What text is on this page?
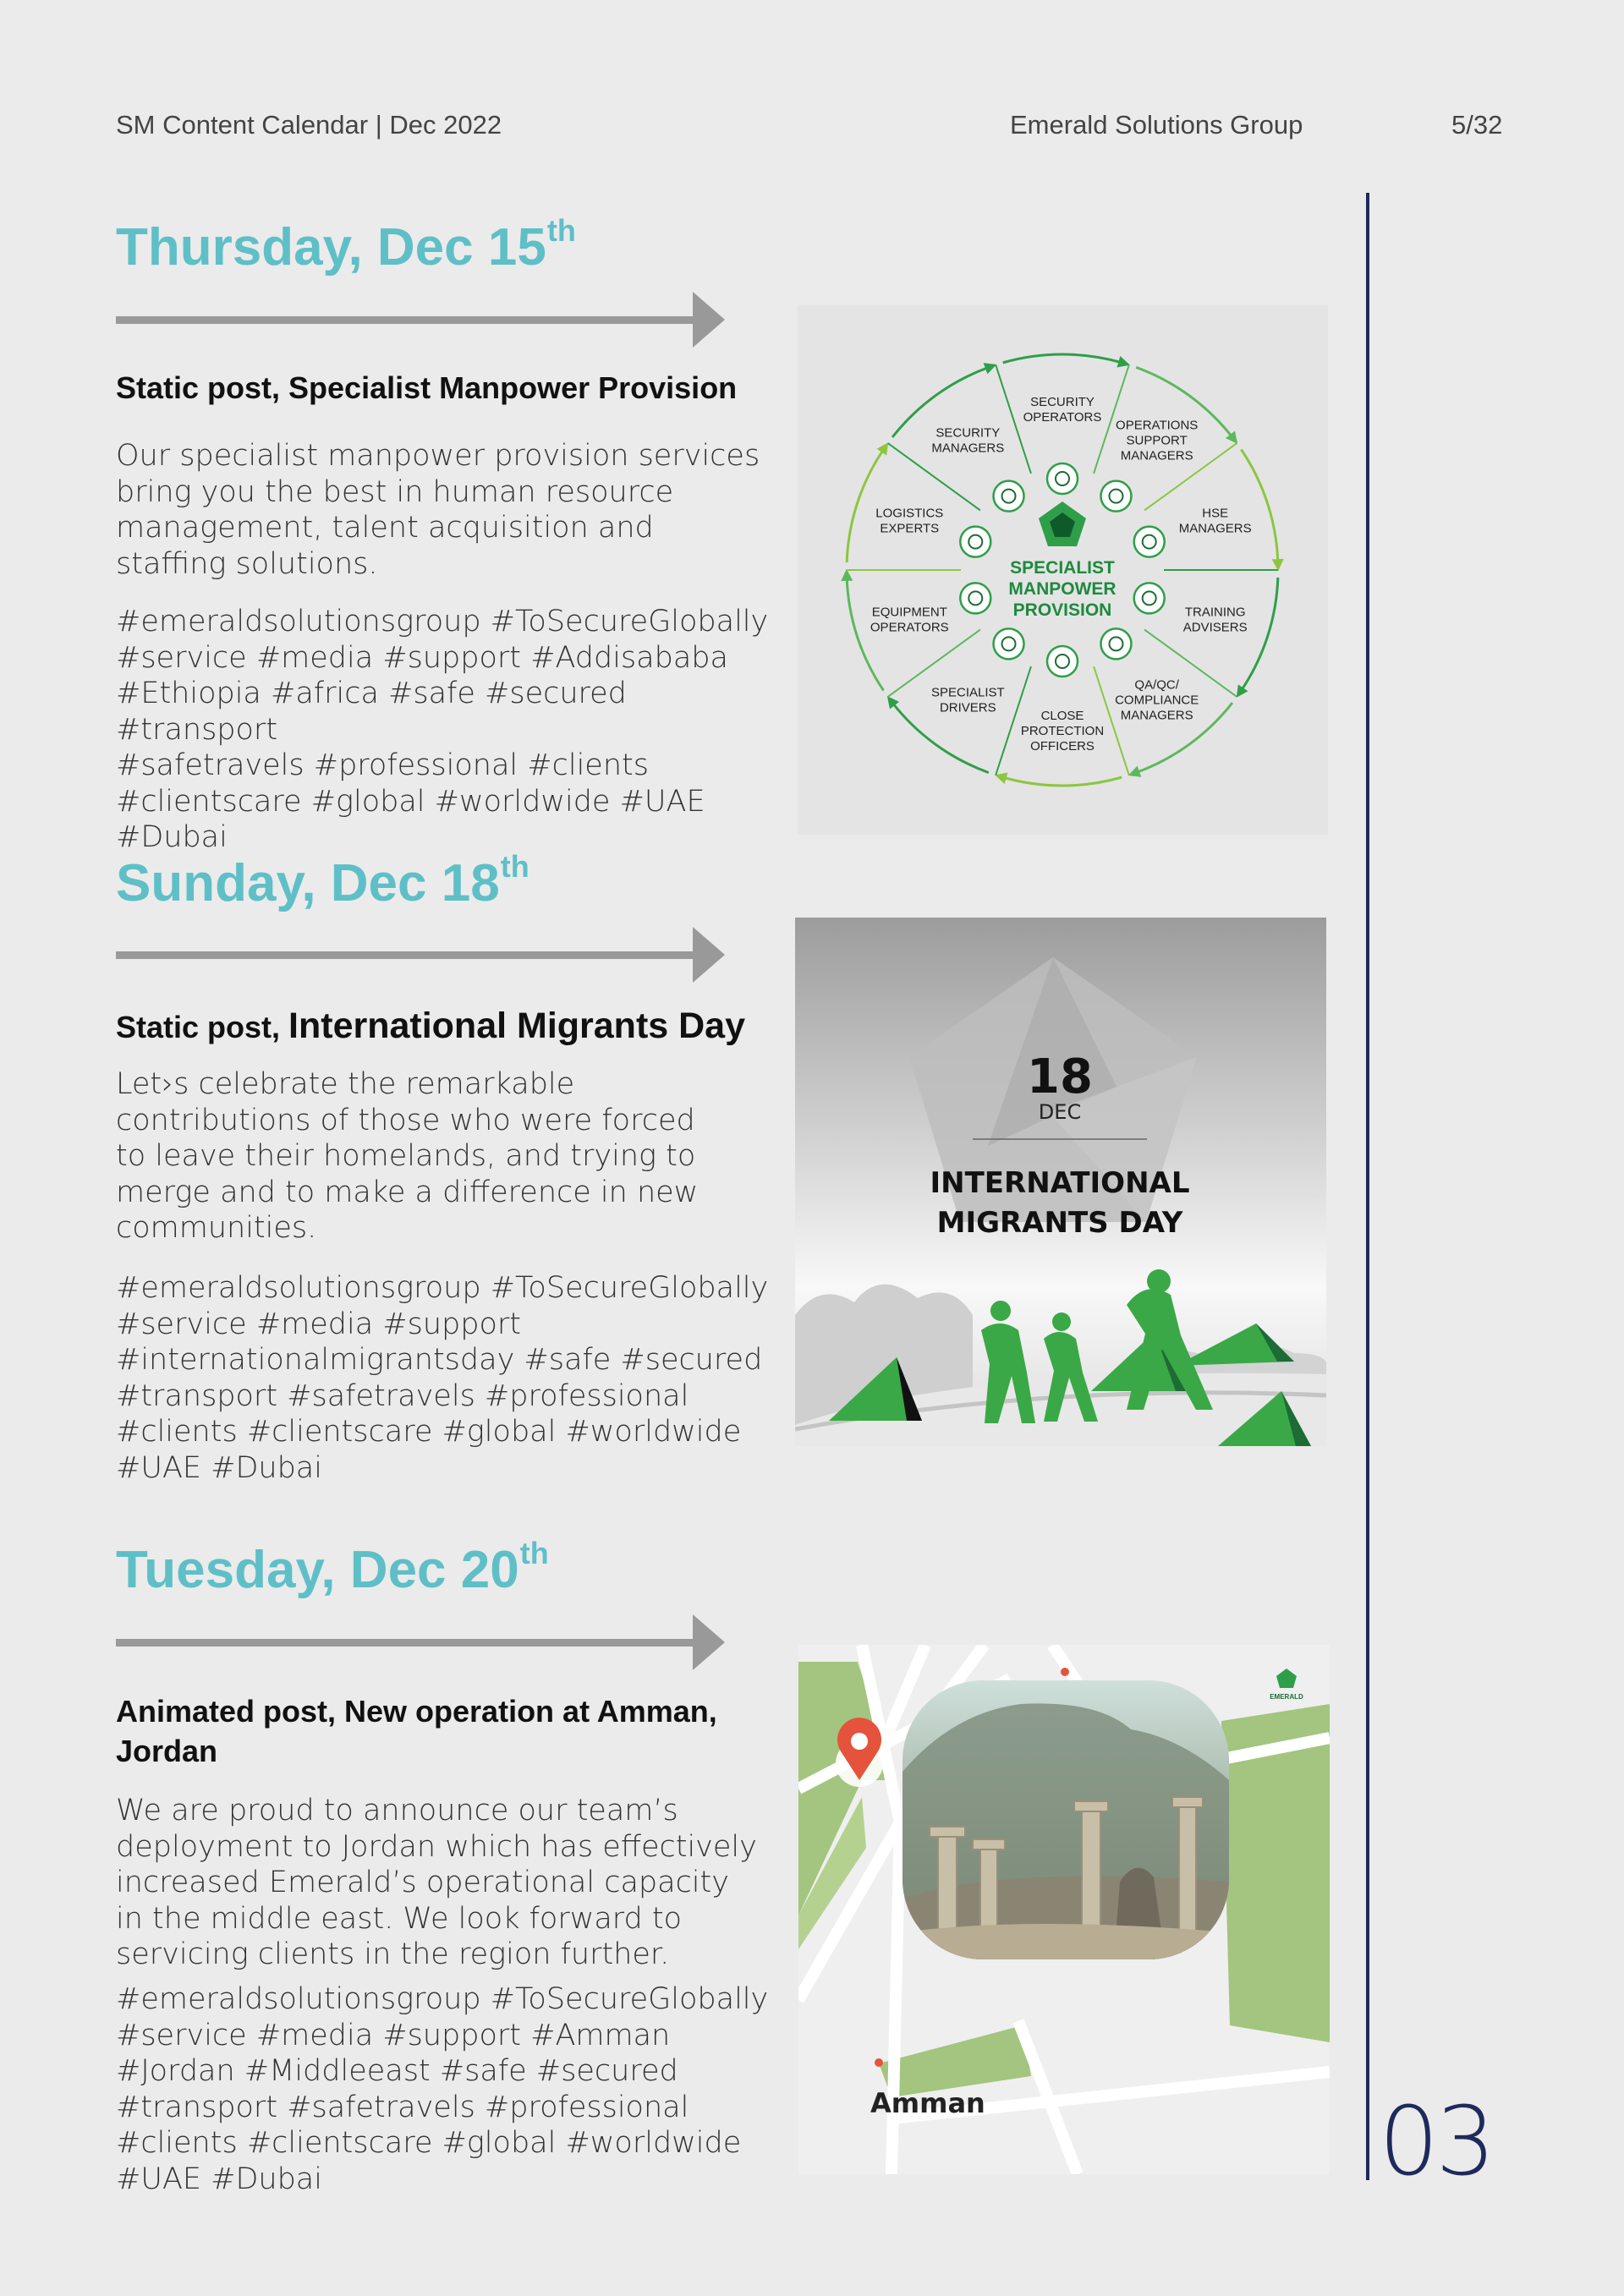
SM Content Calendar | Dec 2022	Emerald Solutions Group	5/32
03
Thursday, Dec 15th
Static post, Specialist Manpower Provision
Our specialist manpower provision services
bring you the best in human resource
management, talent acquisition and
staffing solutions.
#emeraldsolutionsgroup #ToSecureGlobally
#service #media #support #Addisababa
#Ethiopia #africa #safe #secured #transport
#safetravels #professional #clients
#clientscare #global #worldwide #UAE
#Dubai
SPECIALIST
MANPOWER
PROVISION
SECURITY OPERATORS
OPERATIONS SUPPORT MANAGERS
HSE MANAGERS
TRAINING ADVISERS
QA/QC/ COMPLIANCE MANAGERS
CLOSE PROTECTION OFFICERS
SPECIALIST DRIVERS
EQUIPMENT OPERATORS
LOGISTICS EXPERTS
SECURITY MANAGERS
Sunday, Dec 18th
Static post, International Migrants Day
Let›s celebrate the remarkable
contributions of those who were forced
to leave their homelands, and trying to
merge and to make a difference in new
communities.
#emeraldsolutionsgroup #ToSecureGlobally
#service #media #support
#internationalmigrantsday #safe #secured
#transport #safetravels #professional
#clients #clientscare #global #worldwide
#UAE #Dubai
18
DEC
INTERNATIONAL
MIGRANTS DAY
Tuesday, Dec 20th
Animated post, New operation at Amman,
Jordan
We are proud to announce our team’s
deployment to Jordan which has effectively
increased Emerald’s operational capacity
in the middle east. We look forward to
servicing clients in the region further.
#emeraldsolutionsgroup #ToSecureGlobally
#service #media #support #Amman
#Jordan #Middleeast #safe #secured
#transport #safetravels #professional
#clients #clientscare #global #worldwide
#UAE #Dubai
Amman
EMERALD
